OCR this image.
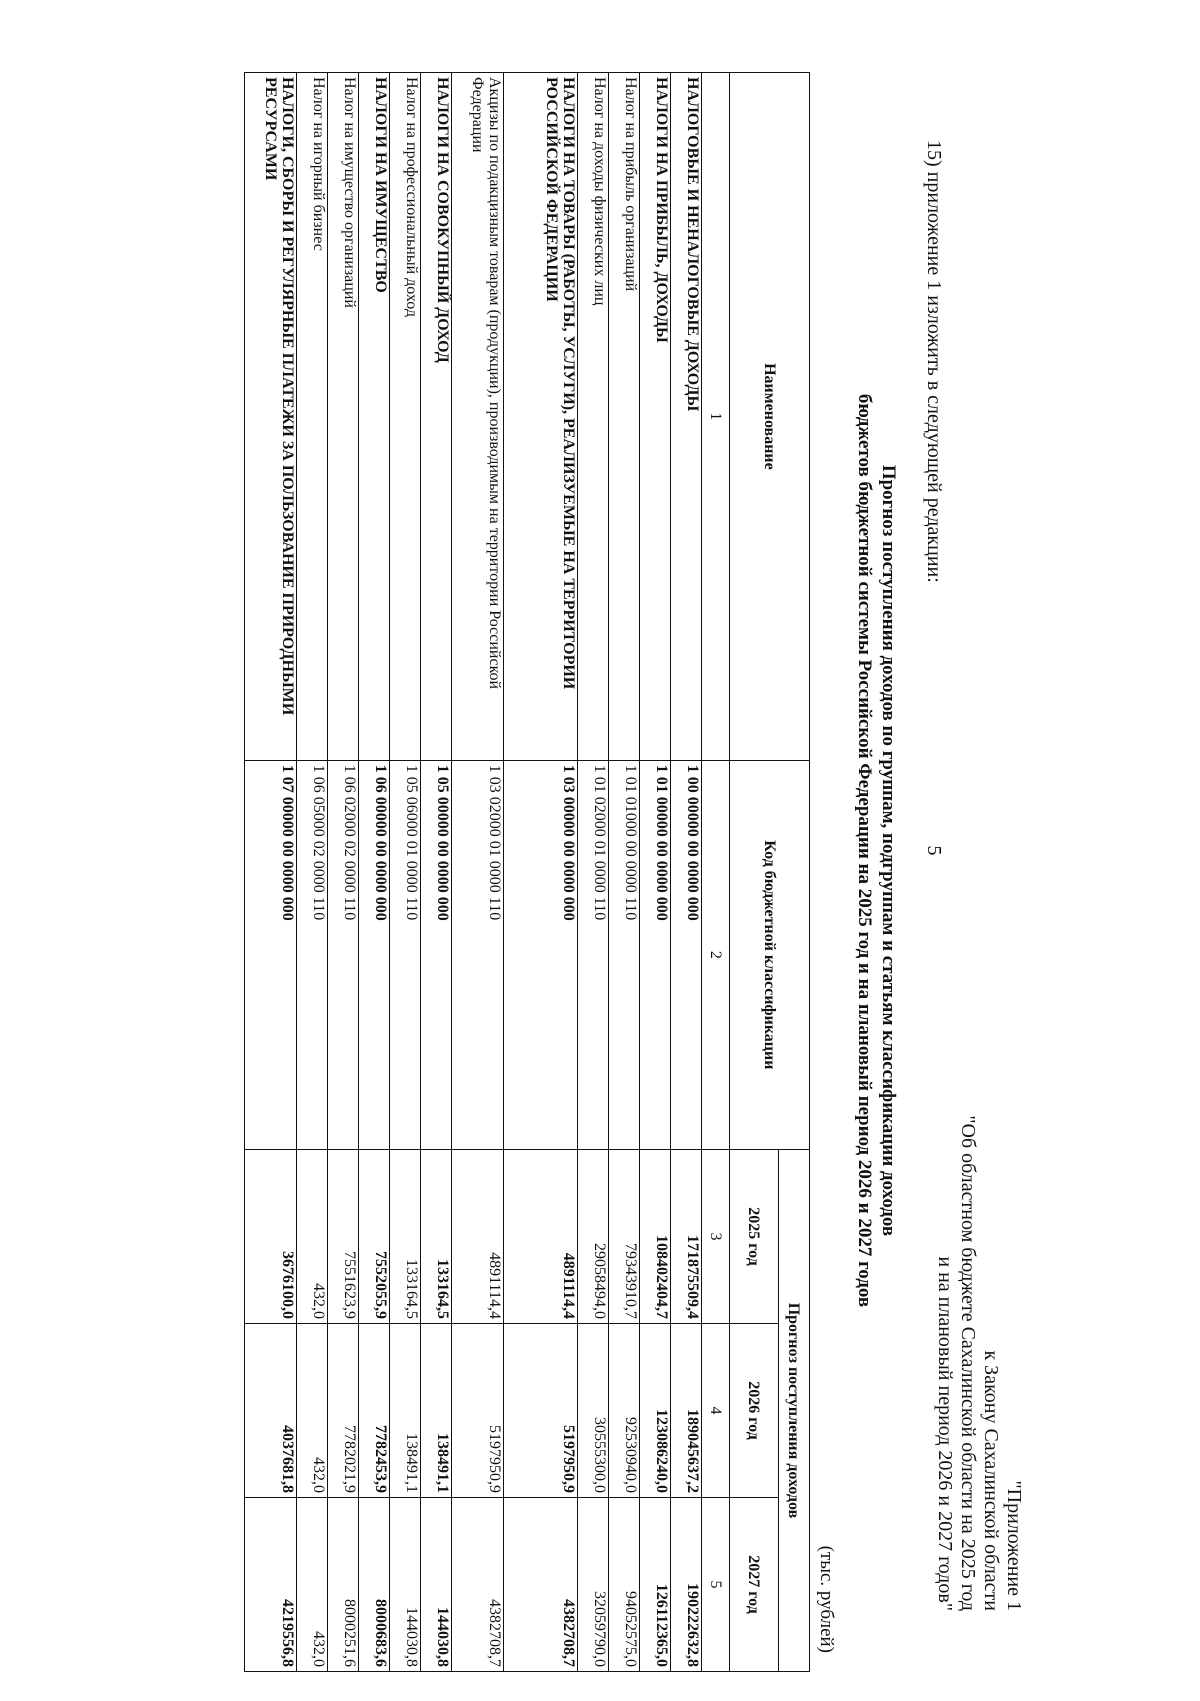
"Приложение 1
к Закону Сахалинской области
"Об областном бюджете Сахалинской области на 2025 год
и на плановый период 2026 и 2027 годов"
5
15) приложение 1 изложить в следующей редакции:
Прогноз поступления доходов по группам, подгруппам и статьям классификации доходов
бюджетов бюджетной системы Российской Федерации на 2025 год и на плановый период 2026 и 2027 годов
(тыс. рублей)
Наименование	Код бюджетной классификации	Прогноз поступления доходов		
		2025 год	2026 год	2027 год
1	2	3	4	5
НАЛОГОВЫЕ И НЕНАЛОГОВЫЕ ДОХОДЫ	1 00 00000 00 0000 000	171875509,4	189045637,2	190222632,8
НАЛОГИ НА ПРИБЫЛЬ, ДОХОДЫ	1 01 00000 00 0000 000	108402404,7	123086240,0	126112365,0
Налог на прибыль организаций	1 01 01000 00 0000 110	79343910,7	92530940,0	94052575,0
Налог на доходы физических лиц	1 01 02000 01 0000 110	29058494,0	30555300,0	32059790,0
НАЛОГИ НА ТОВАРЫ (РАБОТЫ, УСЛУГИ), РЕАЛИЗУЕМЫЕ НА ТЕРРИТОРИИ РОССИЙСКОЙ ФЕДЕРАЦИИ	1 03 00000 00 0000 000	4891114,4	5197950,9	4382708,7
Акцизы по подакцизным товарам (продукции), производимым на территории Российской Федерации	1 03 02000 01 0000 110	4891114,4	5197950,9	4382708,7
НАЛОГИ НА СОВОКУПНЫЙ ДОХОД	1 05 00000 00 0000 000	133164,5	138491,1	144030,8
Налог на профессиональный доход	1 05 06000 01 0000 110	133164,5	138491,1	144030,8
НАЛОГИ НА ИМУЩЕСТВО	1 06 00000 00 0000 000	7552055,9	7782453,9	8000683,6
Налог на имущество организаций	1 06 02000 02 0000 110	7551623,9	7782021,9	8000251,6
Налог на игорный бизнес	1 06 05000 02 0000 110	432,0	432,0	432,0
НАЛОГИ, СБОРЫ И РЕГУЛЯРНЫЕ ПЛАТЕЖИ ЗА ПОЛЬЗОВАНИЕ ПРИРОДНЫМИ РЕСУРСАМИ	1 07 00000 00 0000 000	3676100,0	4037681,8	4219556,8
